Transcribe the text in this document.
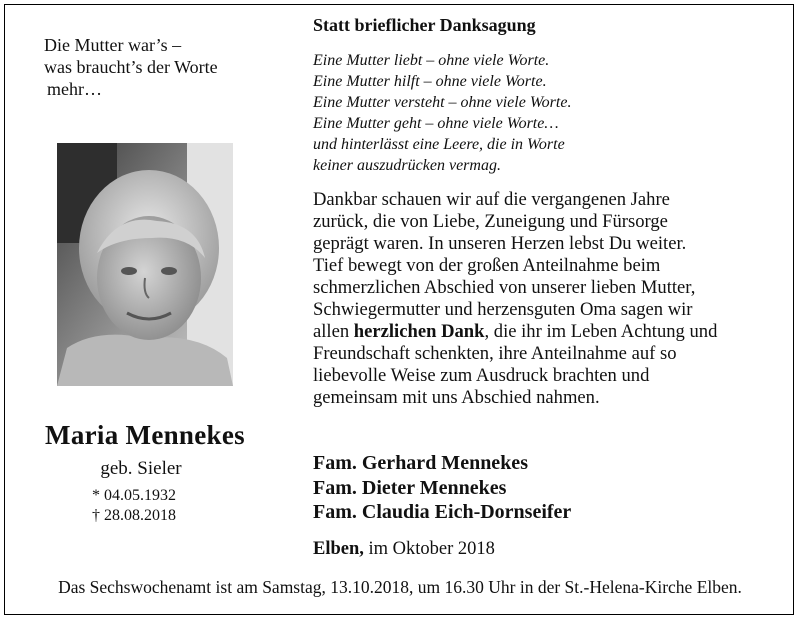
Die Mutter war’s –
was braucht’s der Worte
mehr…
Maria Mennekes
geb. Sieler
* 04.05.1932
† 28.08.2018
Statt brieflicher Danksagung
Eine Mutter liebt – ohne viele Worte.
Eine Mutter hilft – ohne viele Worte.
Eine Mutter versteht – ohne viele Worte.
Eine Mutter geht – ohne viele Worte…
und hinterlässt eine Leere, die in Worte
keiner auszudrücken vermag.
Dankbar schauen wir auf die vergangenen Jahre
zurück, die von Liebe, Zuneigung und Fürsorge
geprägt waren. In unseren Herzen lebst Du weiter.
Tief bewegt von der großen Anteilnahme beim
schmerzlichen Abschied von unserer lieben Mutter,
Schwiegermutter und herzensguten Oma sagen wir
allen herzlichen Dank, die ihr im Leben Achtung und
Freundschaft schenkten, ihre Anteilnahme auf so
liebevolle Weise zum Ausdruck brachten und
gemeinsam mit uns Abschied nahmen.
Fam. Gerhard Mennekes
Fam. Dieter Mennekes
Fam. Claudia Eich-Dornseifer
Elben, im Oktober 2018
Das Sechswochenamt ist am Samstag, 13.10.2018, um 16.30 Uhr in der St.-Helena-Kirche Elben.
